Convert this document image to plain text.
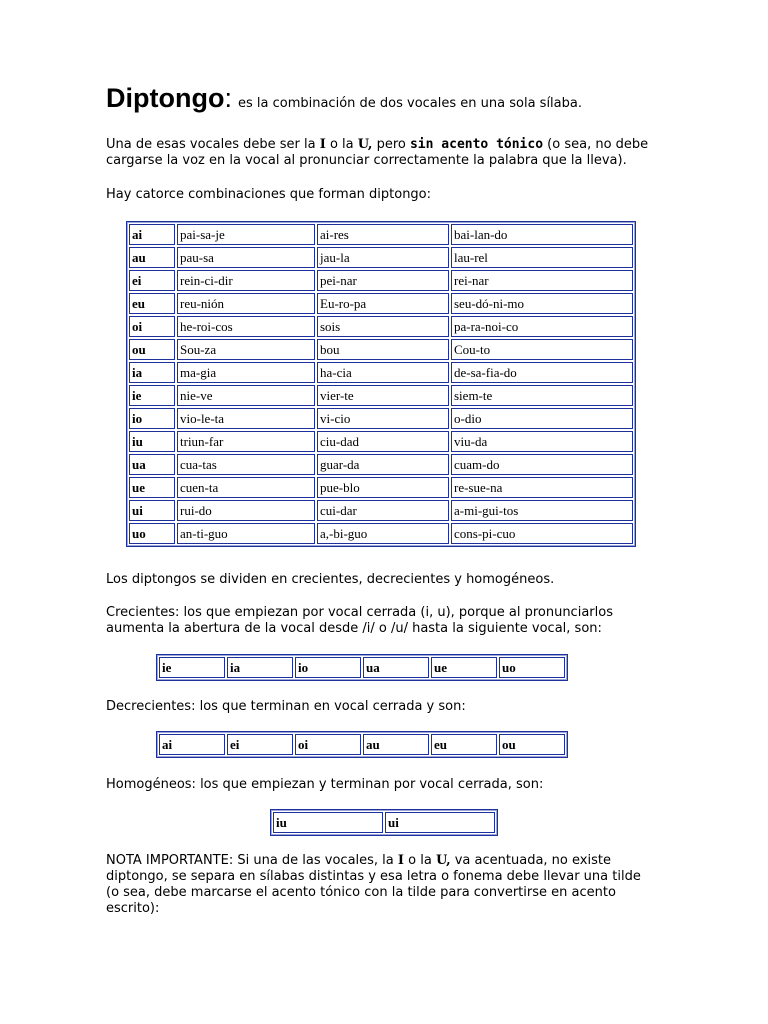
Diptongo: es la combinación de dos vocales en una sola sílaba.

Una de esas vocales debe ser la I o la U, pero sin acento tónico (o sea, no debe cargarse la voz en la vocal al pronunciar correctamente la palabra que la lleva).

Hay catorce combinaciones que forman diptongo:

Los diptongos se dividen en crecientes, decrecientes y homogéneos.

Crecientes: los que empiezan por vocal cerrada (i, u), porque al pronunciarlos aumenta la abertura de la vocal desde /i/ o /u/ hasta la siguiente vocal, son:

Decrecientes: los que terminan en vocal cerrada y son:

Homogéneos: los que empiezan y terminan por vocal cerrada, son:

NOTA IMPORTANTE: Si una de las vocales, la I o la U, va acentuada, no existe diptongo, se separa en sílabas distintas y esa letra o fonema debe llevar una tilde (o sea, debe marcarse el acento tónico con la tilde para convertirse en acento escrito):

ai	pai-sa-je	ai-res	bai-lan-do
au	pau-sa	jau-la	lau-rel
ei	rein-ci-dir	pei-nar	rei-nar
eu	reu-nión	Eu-ro-pa	seu-dó-ni-mo
oi	he-roi-cos	sois	pa-ra-noi-co
ou	Sou-za	bou	Cou-to
ia	ma-gia	ha-cia	de-sa-fia-do
ie	nie-ve	vier-te	siem-te
io	vio-le-ta	vi-cio	o-dio
iu	triun-far	ciu-dad	viu-da
ua	cua-tas	guar-da	cuam-do
ue	cuen-ta	pue-blo	re-sue-na
ui	rui-do	cui-dar	a-mi-gui-tos
uo	an-ti-guo	a,-bi-guo	cons-pi-cuo
ie	ia	io	ua	ue	uo
ai	ei	oi	au	eu	ou
iu	ui
